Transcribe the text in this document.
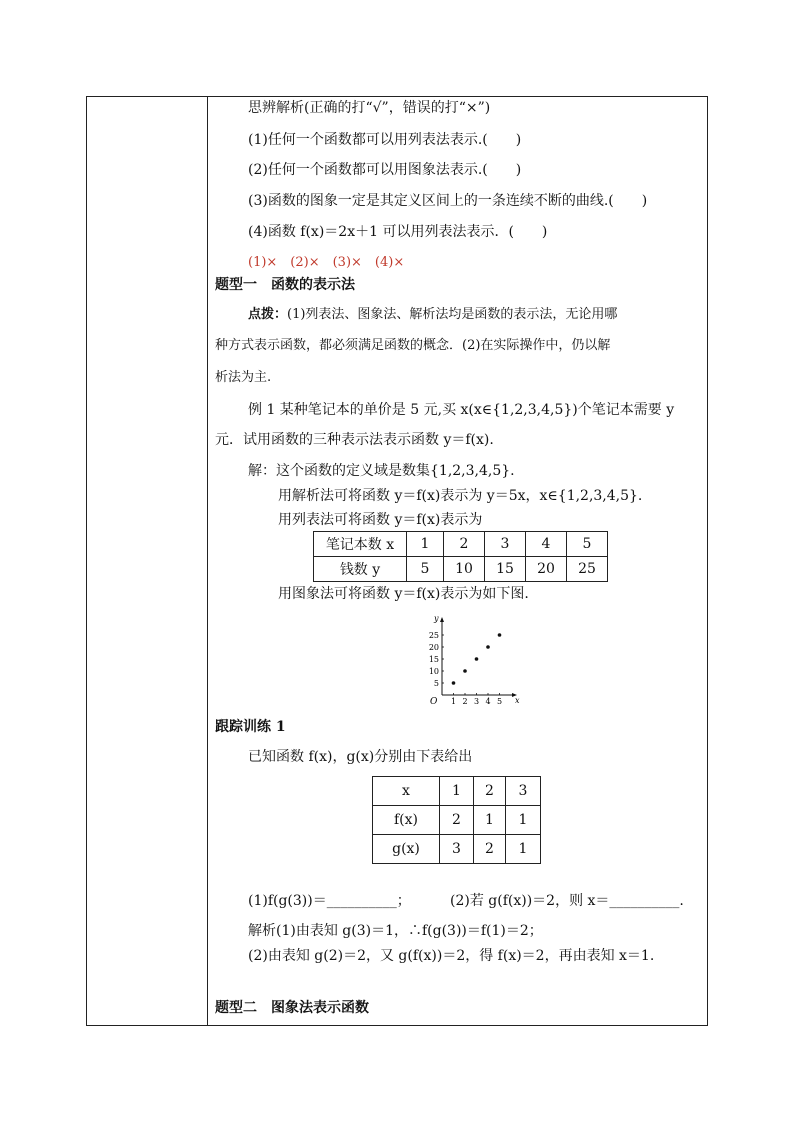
思辨解析(正确的打“√”，错误的打“×”)
(1)任何一个函数都可以用列表法表示.(　　)
(2)任何一个函数都可以用图象法表示.(　　)
(3)函数的图象一定是其定义区间上的一条连续不断的曲线.(　　)
(4)函数 f(x)＝2x＋1 可以用列表法表示．(　　)
(1)×　(2)×　(3)×　(4)×
题型一　函数的表示法
点拨：(1)列表法、图象法、解析法均是函数的表示法，无论用哪
种方式表示函数，都必须满足函数的概念．(2)在实际操作中，仍以解
析法为主.
例 1 某种笔记本的单价是 5 元,买 x(x∈{1,2,3,4,5})个笔记本需要 y
元．试用函数的三种表示法表示函数 y＝f(x).
解：这个函数的定义域是数集{1,2,3,4,5}.
用解析法可将函数 y＝f(x)表示为 y＝5x，x∈{1,2,3,4,5}.
用列表法可将函数 y＝f(x)表示为
笔记本数 x	1	2	3	4	5
钱数 y	5	10	15	20	25
用图象法可将函数 y＝f(x)表示为如下图.
x
y
O 1 2 3 4 5
5
10
15
20
25
跟踪训练 1
已知函数 f(x)，g(x)分别由下表给出
x	1	2	3
f(x)	2	1	1
g(x)	3	2	1
(1)f(g(3))＝__________；	(2)若 g(f(x))＝2，则 x＝__________.
解析(1)由表知 g(3)＝1，∴f(g(3))＝f(1)＝2；
(2)由表知 g(2)＝2，又 g(f(x))＝2，得 f(x)＝2，再由表知 x＝1.
题型二　图象法表示函数
